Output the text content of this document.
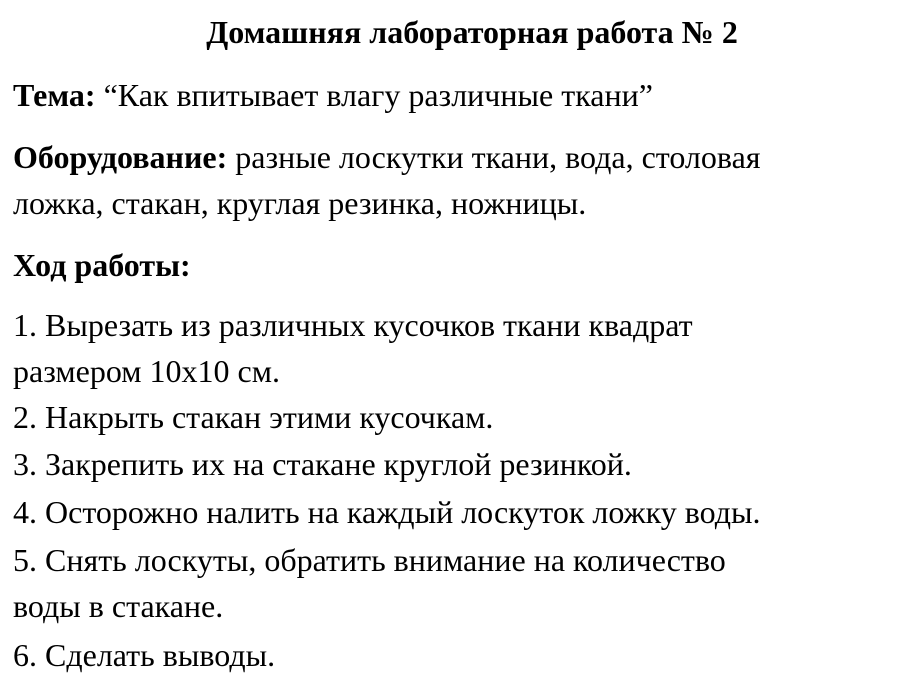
Домашняя лабораторная работа № 2
Тема: “Как впитывает влагу различные ткани”
Оборудование: разные лоскутки ткани, вода, столовая
ложка, стакан, круглая резинка, ножницы.
Ход работы:
1. Вырезать из различных кусочков ткани квадрат
размером 10х10 см.
2. Накрыть стакан этими кусочкам.
3. Закрепить их на стакане круглой резинкой.
4. Осторожно налить на каждый лоскуток ложку воды.
5. Снять лоскуты, обратить внимание на количество
воды в стакане.
6. Сделать выводы.
